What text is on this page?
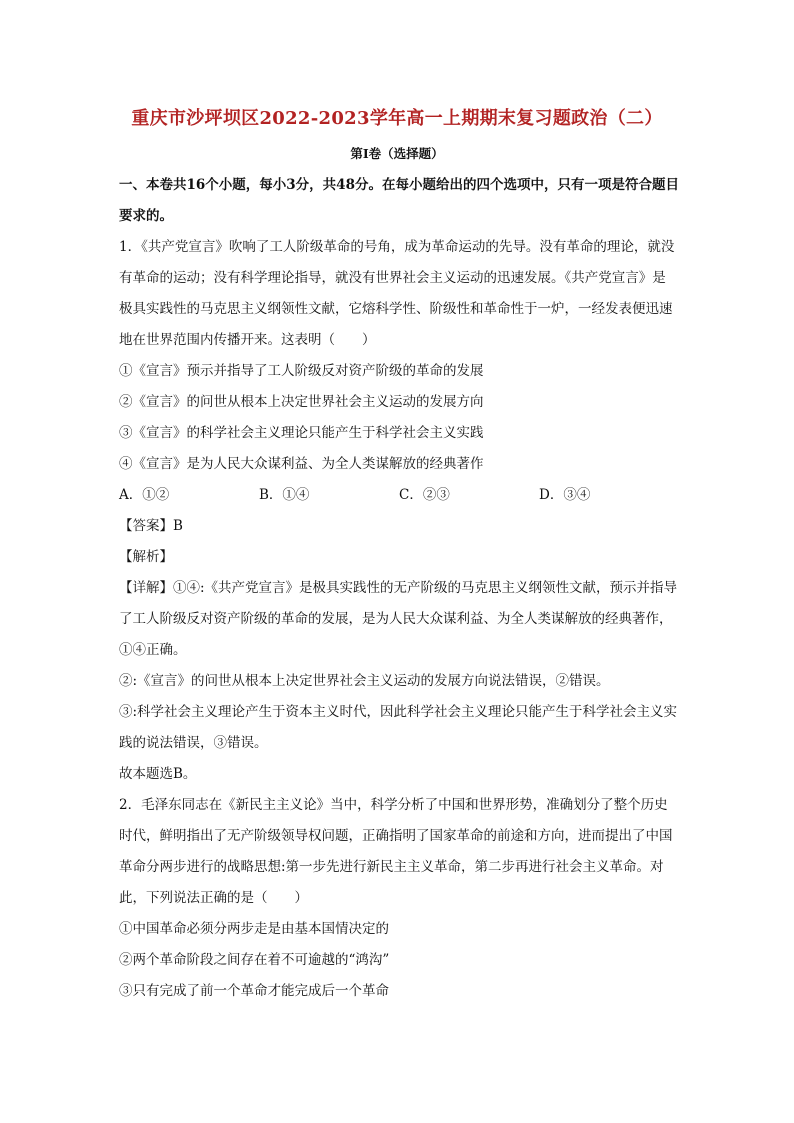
重庆市沙坪坝区2022-2023学年高一上期期末复习题政治（二）
第Ⅰ卷（选择题）

一、本卷共16个小题，每小3分，共48分。在每小题给出的四个选项中，只有一项是符合题目要求的。

1．《共产党宣言》吹响了工人阶级革命的号角，成为革命运动的先导。没有革命的理论，就没有革命的运动；没有科学理论指导，就没有世界社会主义运动的迅速发展。《共产党宣言》是极具实践性的马克思主义纲领性文献，它熔科学性、阶级性和革命性于一炉，一经发表便迅速地在世界范围内传播开来。这表明（　　）

①《宣言》预示并指导了工人阶级反对资产阶级的革命的发展

②《宣言》的问世从根本上决定世界社会主义运动的发展方向

③《宣言》的科学社会主义理论只能产生于科学社会主义实践

④《宣言》是为人民大众谋利益、为全人类谋解放的经典著作

A．①②	B．①④	C．②③	D．③④

【答案】B

【解析】

【详解】①④:《共产党宣言》是极具实践性的无产阶级的马克思主义纲领性文献，预示并指导了工人阶级反对资产阶级的革命的发展，是为人民大众谋利益、为全人类谋解放的经典著作，①④正确。

②:《宣言》的问世从根本上决定世界社会主义运动的发展方向说法错误，②错误。

③:科学社会主义理论产生于资本主义时代，因此科学社会主义理论只能产生于科学社会主义实践的说法错误，③错误。

故本题选B。

2．毛泽东同志在《新民主主义论》当中，科学分析了中国和世界形势，准确划分了整个历史时代，鲜明指出了无产阶级领导权问题，正确指明了国家革命的前途和方向，进而提出了中国革命分两步进行的战略思想:第一步先进行新民主主义革命，第二步再进行社会主义革命。对此，下列说法正确的是（　　）

①中国革命必须分两步走是由基本国情决定的

②两个革命阶段之间存在着不可逾越的“鸿沟”

③只有完成了前一个革命才能完成后一个革命
